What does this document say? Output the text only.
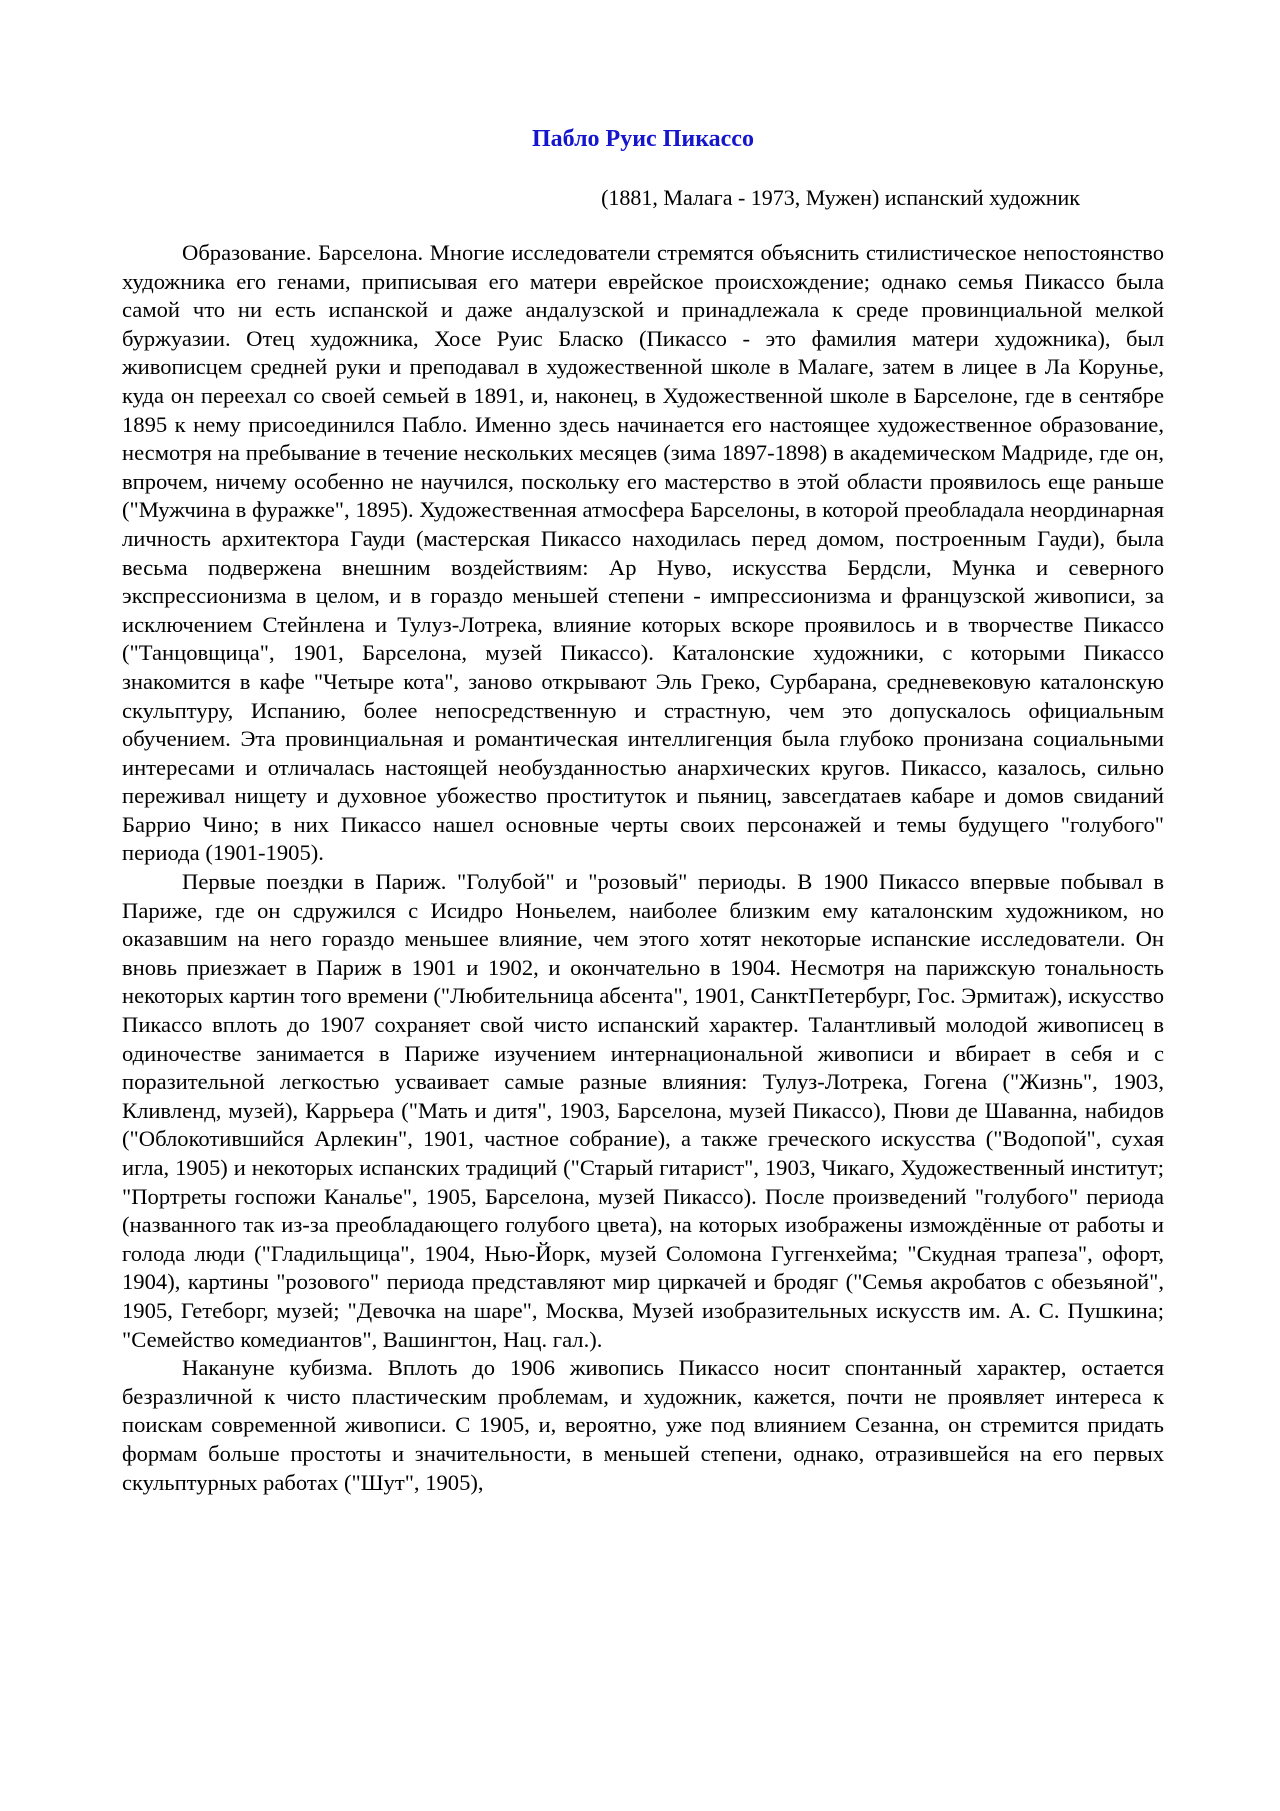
Пабло Руис Пикассо
(1881, Малага - 1973, Мужен) испанский художник

Образование. Барселона. Многие исследователи стремятся объяснить стилистическое непостоянство художника его генами, приписывая его матери еврейское происхождение; однако семья Пикассо была самой что ни есть испанской и даже андалузской и принадлежала к среде провинциальной мелкой буржуазии. Отец художника, Хосе Руис Бласко (Пикассо - это фамилия матери художника), был живописцем средней руки и преподавал в художественной школе в Малаге, затем в лицее в Ла Корунье, куда он переехал со своей семьей в 1891, и, наконец, в Художественной школе в Барселоне, где в сентябре 1895 к нему присоединился Пабло. Именно здесь начинается его настоящее художественное образование, несмотря на пребывание в течение нескольких месяцев (зима 1897-1898) в академическом Мадриде, где он, впрочем, ничему особенно не научился, поскольку его мастерство в этой области проявилось еще раньше ("Мужчина в фуражке", 1895). Художественная атмосфера Барселоны, в которой преобладала неординарная личность архитектора Гауди (мастерская Пикассо находилась перед домом, построенным Гауди), была весьма подвержена внешним воздействиям: Ар Нуво, искусства Бердсли, Мунка и северного экспрессионизма в целом, и в гораздо меньшей степени - импрессионизма и французской живописи, за исключением Стейнлена и Тулуз-Лотрека, влияние которых вскоре проявилось и в творчестве Пикассо ("Танцовщица", 1901, Барселона, музей Пикассо). Каталонские художники, с которыми Пикассо знакомится в кафе "Четыре кота", заново открывают Эль Греко, Сурбарана, средневековую каталонскую скульптуру, Испанию, более непосредственную и страстную, чем это допускалось официальным обучением. Эта провинциальная и романтическая интеллигенция была глубоко пронизана социальными интересами и отличалась настоящей необузданностью анархических кругов. Пикассо, казалось, сильно переживал нищету и духовное убожество проституток и пьяниц, завсегдатаев кабаре и домов свиданий Баррио Чино; в них Пикассо нашел основные черты своих персонажей и темы будущего "голубого" периода (1901-1905).

Первые поездки в Париж. "Голубой" и "розовый" периоды. В 1900 Пикассо впервые побывал в Париже, где он сдружился с Исидро Ноньелем, наиболее близким ему каталонским художником, но оказавшим на него гораздо меньшее влияние, чем этого хотят некоторые испанские исследователи. Он вновь приезжает в Париж в 1901 и 1902, и окончательно в 1904. Несмотря на парижскую тональность некоторых картин того времени ("Любительница абсента", 1901, СанктПетербург, Гос. Эрмитаж), искусство Пикассо вплоть до 1907 сохраняет свой чисто испанский характер. Талантливый молодой живописец в одиночестве занимается в Париже изучением интернациональной живописи и вбирает в себя и с поразительной легкостью усваивает самые разные влияния: Тулуз-Лотрека, Гогена ("Жизнь", 1903, Кливленд, музей), Каррьера ("Мать и дитя", 1903, Барселона, музей Пикассо), Пюви де Шаванна, набидов ("Облокотившийся Арлекин", 1901, частное собрание), а также греческого искусства ("Водопой", сухая игла, 1905) и некоторых испанских традиций ("Старый гитарист", 1903, Чикаго, Художественный институт; "Портреты госпожи Каналье", 1905, Барселона, музей Пикассо). После произведений "голубого" периода (названного так из-за преобладающего голубого цвета), на которых изображены измождённые от работы и голода люди ("Гладильщица", 1904, Нью-Йорк, музей Соломона Гуггенхейма; "Скудная трапеза", офорт, 1904), картины "розового" периода представляют мир циркачей и бродяг ("Семья акробатов с обезьяной", 1905, Гетеборг, музей; "Девочка на шаре", Москва, Музей изобразительных искусств им. А. С. Пушкина; "Семейство комедиантов", Вашингтон, Нац. гал.).

Накануне кубизма. Вплоть до 1906 живопись Пикассо носит спонтанный характер, остается безразличной к чисто пластическим проблемам, и художник, кажется, почти не проявляет интереса к поискам современной живописи. С 1905, и, вероятно, уже под влиянием Сезанна, он стремится придать формам больше простоты и значительности, в меньшей степени, однако, отразившейся на его первых скульптурных работах ("Шут", 1905),
